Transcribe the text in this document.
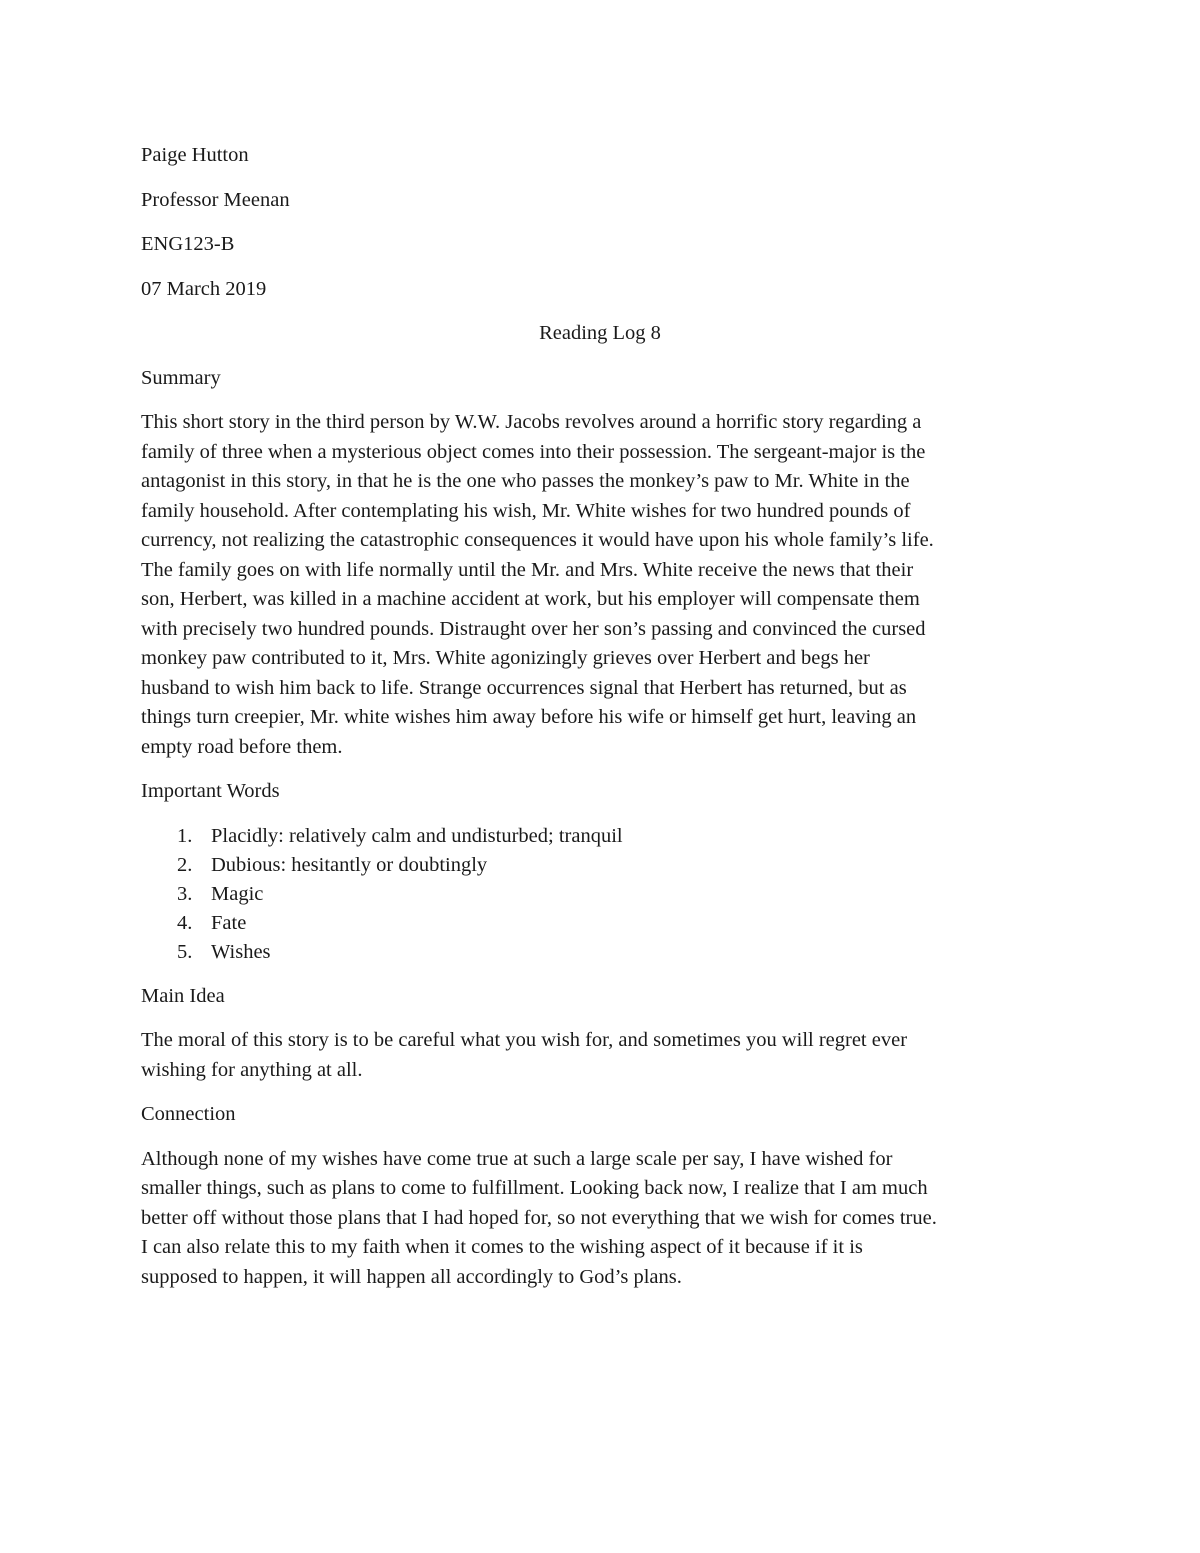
Paige Hutton

Professor Meenan

ENG123-B

07 March 2019

Reading Log 8

Summary

This short story in the third person by W.W. Jacobs revolves around a horrific story regarding a

family of three when a mysterious object comes into their possession. The sergeant-major is the

antagonist in this story, in that he is the one who passes the monkey’s paw to Mr. White in the

family household. After contemplating his wish, Mr. White wishes for two hundred pounds of

currency, not realizing the catastrophic consequences it would have upon his whole family’s life.

The family goes on with life normally until the Mr. and Mrs. White receive the news that their

son, Herbert, was killed in a machine accident at work, but his employer will compensate them

with precisely two hundred pounds. Distraught over her son’s passing and convinced the cursed

monkey paw contributed to it, Mrs. White agonizingly grieves over Herbert and begs her

husband to wish him back to life. Strange occurrences signal that Herbert has returned, but as

things turn creepier, Mr. white wishes him away before his wife or himself get hurt, leaving an

empty road before them.

Important Words

1. Placidly: relatively calm and undisturbed; tranquil
2. Dubious: hesitantly or doubtingly
3. Magic
4. Fate
5. Wishes

Main Idea

The moral of this story is to be careful what you wish for, and sometimes you will regret ever

wishing for anything at all.

Connection

Although none of my wishes have come true at such a large scale per say, I have wished for

smaller things, such as plans to come to fulfillment. Looking back now, I realize that I am much

better off without those plans that I had hoped for, so not everything that we wish for comes true.

I can also relate this to my faith when it comes to the wishing aspect of it because if it is

supposed to happen, it will happen all accordingly to God’s plans.
